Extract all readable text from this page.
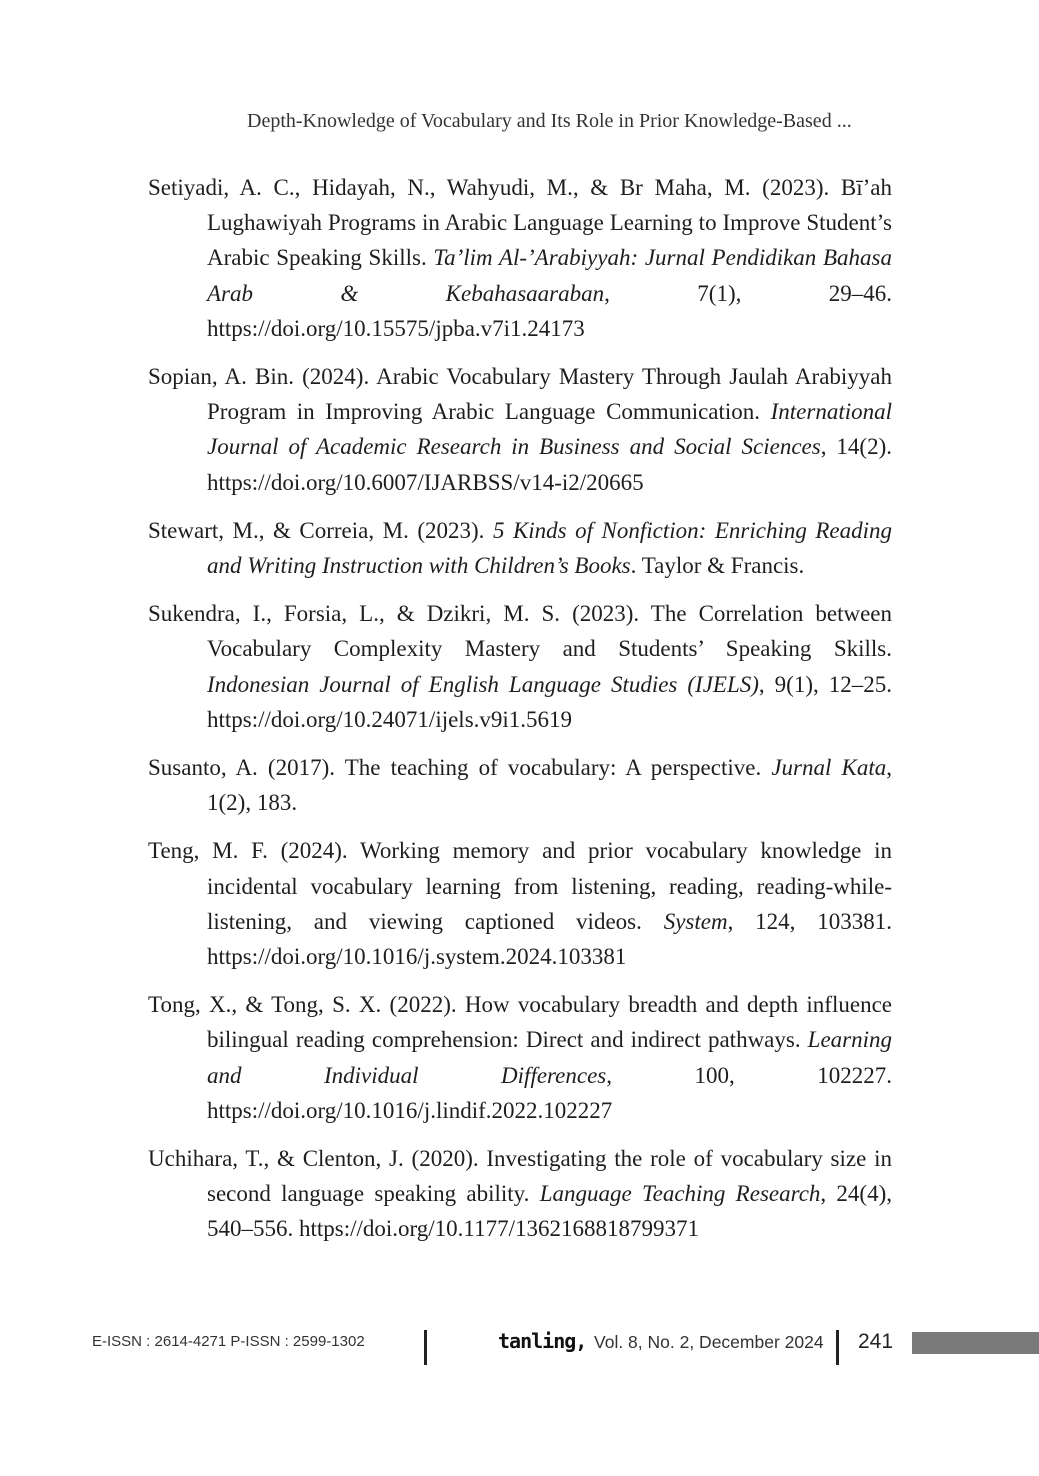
Depth-Knowledge of Vocabulary and Its Role in Prior Knowledge-Based ...

Setiyadi, A. C., Hidayah, N., Wahyudi, M., & Br Maha, M. (2023). Bī’ah Lughawiyah Programs in Arabic Language Learning to Improve Student’s Arabic Speaking Skills. Ta’lim Al-’Arabiyyah: Jurnal Pendidikan Bahasa Arab & Kebahasaaraban, 7(1), 29–46. https://doi.org/10.15575/jpba.v7i1.24173

Sopian, A. Bin. (2024). Arabic Vocabulary Mastery Through Jaulah Arabiyyah Program in Improving Arabic Language Communication. International Journal of Academic Research in Business and Social Sciences, 14(2). https://doi.org/10.6007/IJARBSS/v14-i2/20665

Stewart, M., & Correia, M. (2023). 5 Kinds of Nonfiction: Enriching Reading and Writing Instruction with Children’s Books. Taylor & Francis.

Sukendra, I., Forsia, L., & Dzikri, M. S. (2023). The Correlation between Vocabulary Complexity Mastery and Students’ Speaking Skills. Indonesian Journal of English Language Studies (IJELS), 9(1), 12–25. https://doi.org/10.24071/ijels.v9i1.5619

Susanto, A. (2017). The teaching of vocabulary: A perspective. Jurnal Kata, 1(2), 183.

Teng, M. F. (2024). Working memory and prior vocabulary knowledge in incidental vocabulary learning from listening, reading, reading-while-listening, and viewing captioned videos. System, 124, 103381. https://doi.org/10.1016/j.system.2024.103381

Tong, X., & Tong, S. X. (2022). How vocabulary breadth and depth influence bilingual reading comprehension: Direct and indirect pathways. Learning and Individual Differences, 100, 102227. https://doi.org/10.1016/j.lindif.2022.102227

Uchihara, T., & Clenton, J. (2020). Investigating the role of vocabulary size in second language speaking ability. Language Teaching Research, 24(4), 540–556. https://doi.org/10.1177/1362168818799371

E-ISSN : 2614-4271 P-ISSN : 2599-1302	tanling, Vol. 8, No. 2, December 2024 241
